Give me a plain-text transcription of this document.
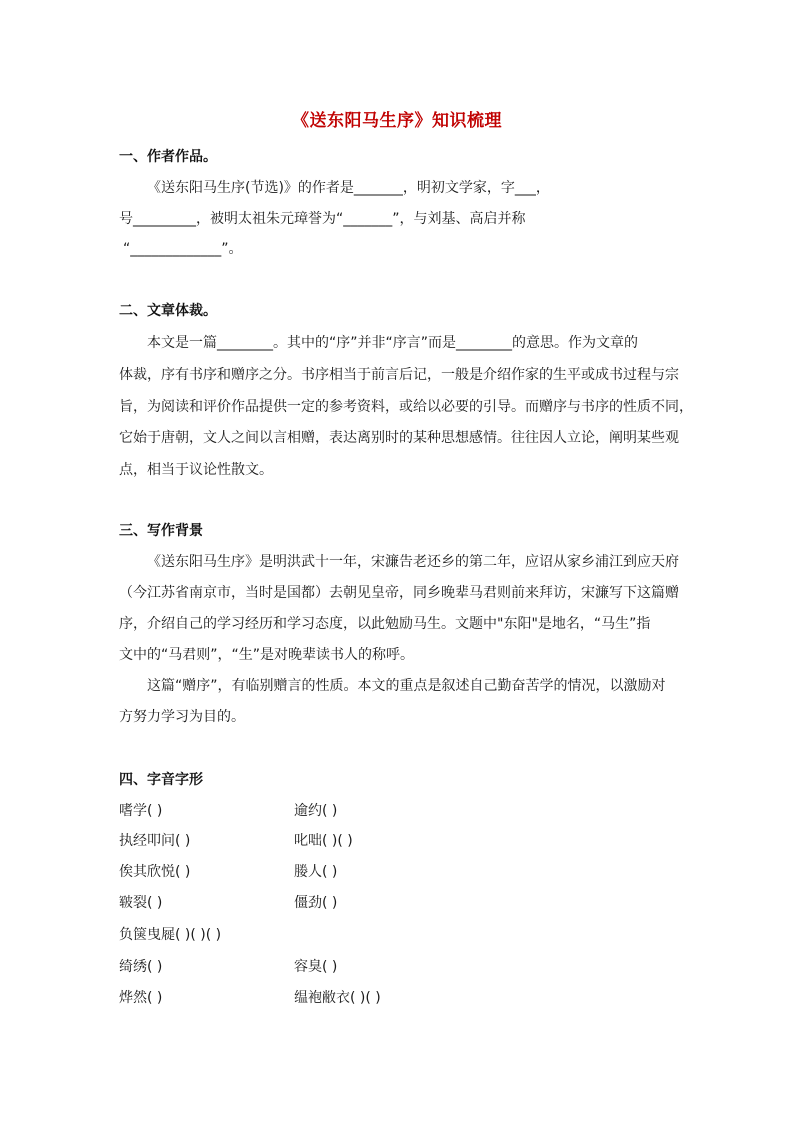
《送东阳马生序》知识梳理
一、作者作品。
《送东阳马生序(节选)》的作者是_______，明初文学家，字___，
号_________，被明太祖朱元璋誉为“_______”，与刘基、高启并称
“_____________”。
二、文章体裁。
本文是一篇________。其中的“序”并非“序言”而是________的意思。作为文章的
体裁，序有书序和赠序之分。书序相当于前言后记，一般是介绍作家的生平或成书过程与宗
旨，为阅读和评价作品提供一定的参考资料，或给以必要的引导。而赠序与书序的性质不同，
它始于唐朝，文人之间以言相赠，表达离别时的某种思想感情。往往因人立论，阐明某些观
点，相当于议论性散文。
三、写作背景
《送东阳马生序》是明洪武十一年，宋濂告老还乡的第二年，应诏从家乡浦江到应天府
（今江苏省南京市，当时是国都）去朝见皇帝，同乡晚辈马君则前来拜访，宋濂写下这篇赠
序，介绍自己的学习经历和学习态度，以此勉励马生。文题中"东阳"是地名，“马生”指
文中的“马君则”，“生”是对晚辈读书人的称呼。
这篇“赠序”，有临别赠言的性质。本文的重点是叙述自己勤奋苦学的情况，以激励对
方努力学习为目的。
四、字音字形
嗜学( )	逾约( )
执经叩问( )	叱咄( )( )
俟其欣悦( )	媵人( )
皲裂( )	僵劲( )
负箧曳屣( )( )( )
绮绣( )	容臭( )
烨然( )	缊袍敝衣( )( )
